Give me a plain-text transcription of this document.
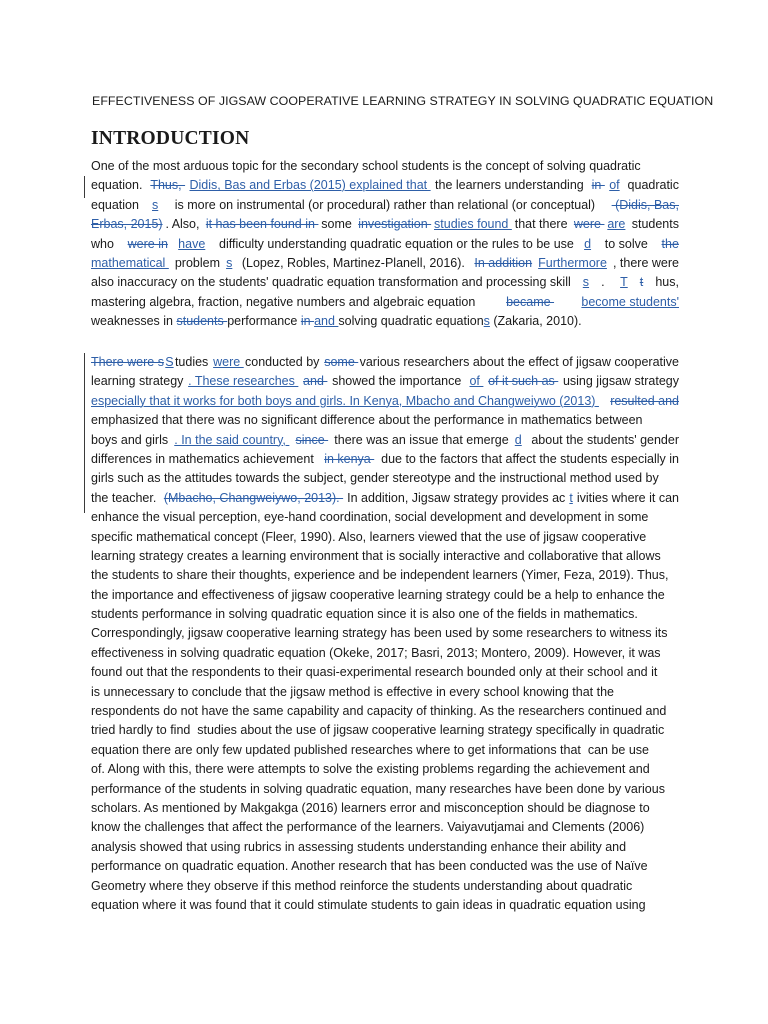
EFFECTIVENESS OF JIGSAW COOPERATIVE LEARNING STRATEGY IN SOLVING QUADRATIC EQUATION
INTRODUCTION
One of the most arduous topic for the secondary school students is the concept of solving quadratic
equation. Thus, Didis, Bas and Erbas (2015) explained that the learners understanding in of quadratic
equation s is more on instrumental (or procedural) rather than relational (or conceptual) (Didis, Bas,
Erbas, 2015) . Also, it has been found in some investigation studies found that there were are students
who were in have difficulty understanding quadratic equation or the rules to be use d to solve the
mathematical problem s (Lopez, Robles, Martinez-Planell, 2016). In addition Furthermore , there were
also inaccuracy on the students' quadratic equation transformation and processing skill s . T t hus,
mastering algebra, fraction, negative numbers and algebraic equation became become students'
weaknesses in students performance in and solving quadratic equation s (Zakaria, 2010).
There were s S tudies were conducted by some various researchers about the effect of jigsaw cooperative
learning strategy . These researches and showed the importance of of it such as using jigsaw strategy
especially that it works for both boys and girls. In Kenya, Mbacho and Changweiywo (2013) resulted and
emphasized that there was no significant difference about the performance in mathematics between
boys and girls . In the said country, since there was an issue that emerge d about the students' gender
differences in mathematics achievement in kenya due to the factors that affect the students especially in
girls such as the attitudes towards the subject, gender stereotype and the instructional method used by
the teacher. (Mbacho, Changweiywo, 2013). In addition, Jigsaw strategy provides ac t ivities where it can
enhance the visual perception, eye-hand coordination, social development and development in some
specific mathematical concept (Fleer, 1990). Also, learners viewed that the use of jigsaw cooperative
learning strategy creates a learning environment that is socially interactive and collaborative that allows
the students to share their thoughts, experience and be independent learners (Yimer, Feza, 2019). Thus,
the importance and effectiveness of jigsaw cooperative learning strategy could be a help to enhance the
students performance in solving quadratic equation since it is also one of the fields in mathematics.
Correspondingly, jigsaw cooperative learning strategy has been used by some researchers to witness its
effectiveness in solving quadratic equation (Okeke, 2017; Basri, 2013; Montero, 2009). However, it was
found out that the respondents to their quasi-experimental research bounded only at their school and it
is unnecessary to conclude that the jigsaw method is effective in every school knowing that the
respondents do not have the same capability and capacity of thinking. As the researchers continued and
tried hardly to find  studies about the use of jigsaw cooperative learning strategy specifically in quadratic
equation there are only few updated published researches where to get informations that  can be use
of. Along with this, there were attempts to solve the existing problems regarding the achievement and
performance of the students in solving quadratic equation, many researches have been done by various
scholars. As mentioned by Makgakga (2016) learners error and misconception should be diagnose to
know the challenges that affect the performance of the learners. Vaiyavutjamai and Clements (2006)
analysis showed that using rubrics in assessing students understanding enhance their ability and
performance on quadratic equation. Another research that has been conducted was the use of Naïve
Geometry where they observe if this method reinforce the students understanding about quadratic
equation where it was found that it could stimulate students to gain ideas in quadratic equation using
